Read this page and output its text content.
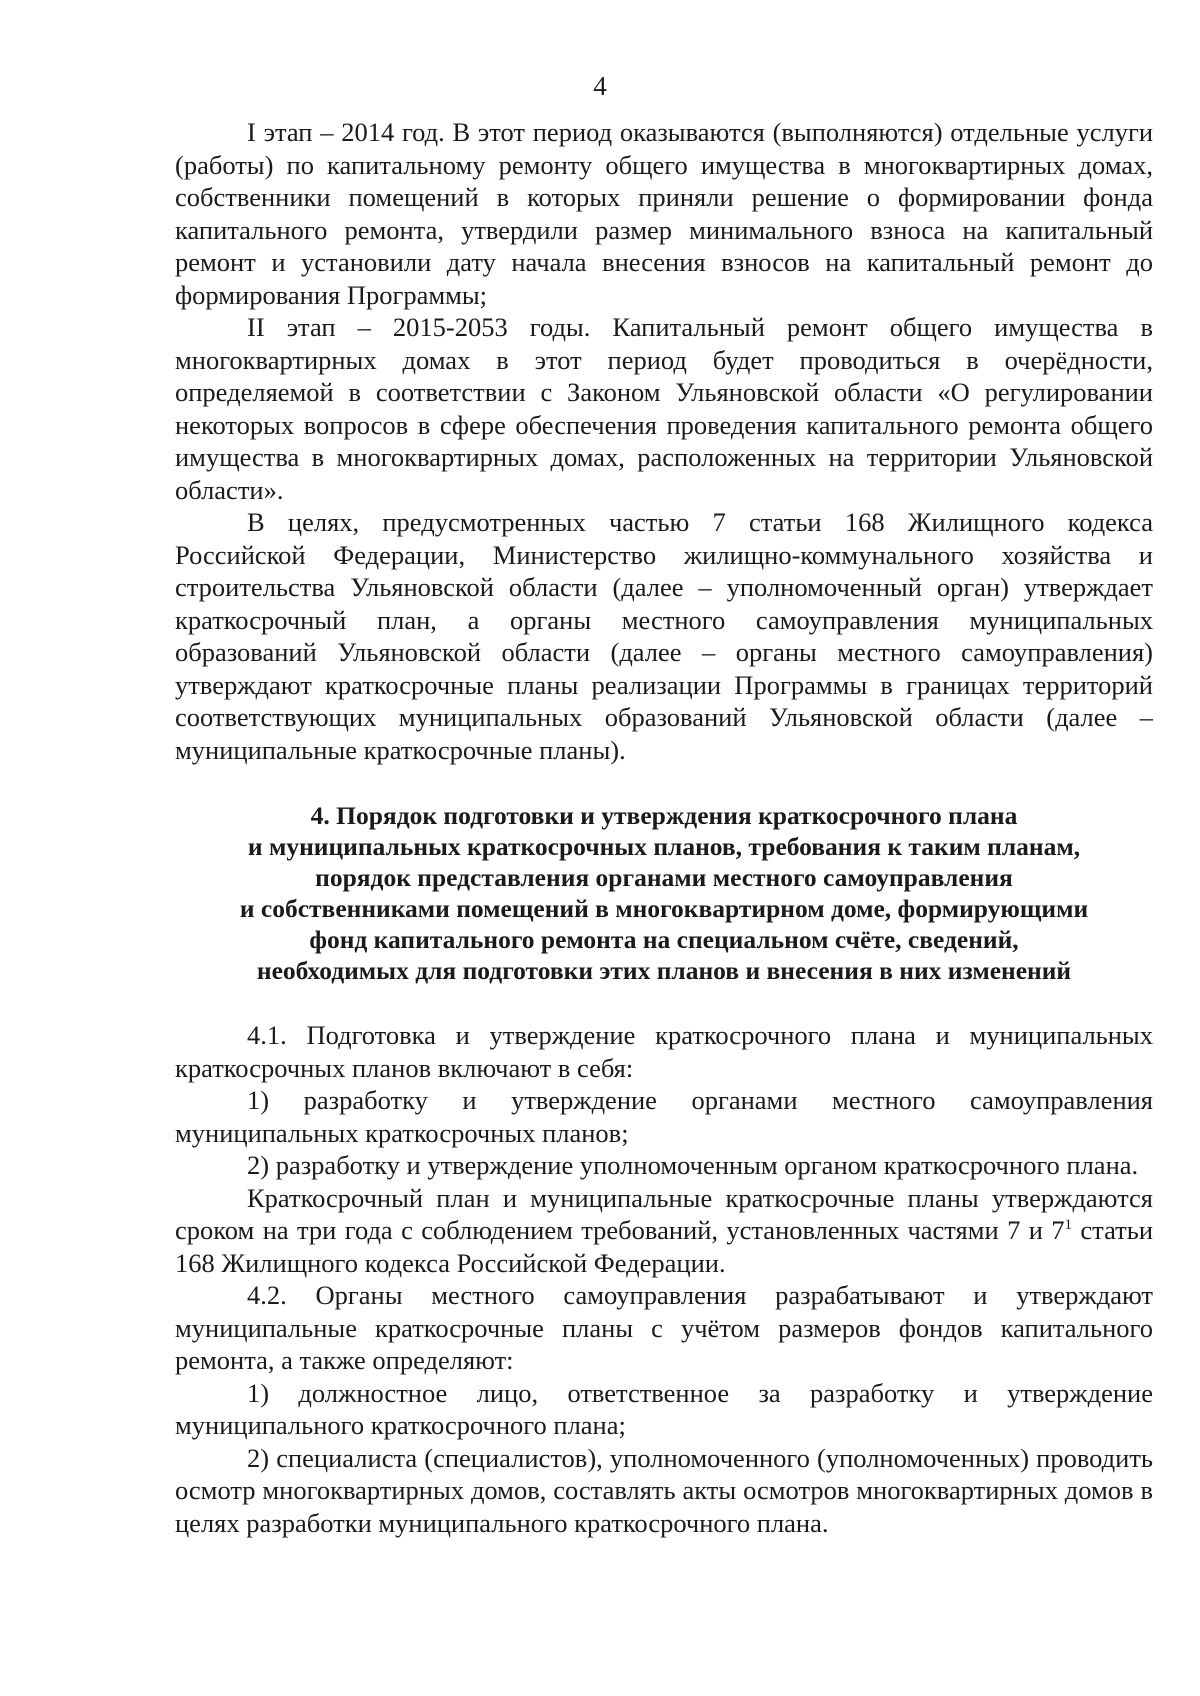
4

I этап – 2014 год. В этот период оказываются (выполняются) отдельные услуги (работы) по капитальному ремонту общего имущества в многоквартирных домах, собственники помещений в которых приняли решение о формировании фонда капитального ремонта, утвердили размер минимального взноса на капитальный ремонт и установили дату начала внесения взносов на капитальный ремонт до формирования Программы;

II этап – 2015-2053 годы. Капитальный ремонт общего имущества в многоквартирных домах в этот период будет проводиться в очерёдности, определяемой в соответствии с Законом Ульяновской области «О регулировании некоторых вопросов в сфере обеспечения проведения капитального ремонта общего имущества в многоквартирных домах, расположенных на территории Ульяновской области».

В целях, предусмотренных частью 7 статьи 168 Жилищного кодекса Российской Федерации, Министерство жилищно-коммунального хозяйства и строительства Ульяновской области (далее – уполномоченный орган) утверждает краткосрочный план, а органы местного самоуправления муниципальных образований Ульяновской области (далее – органы местного самоуправления) утверждают краткосрочные планы реализации Программы в границах территорий соответствующих муниципальных образований Ульяновской области (далее – муниципальные краткосрочные планы).

4. Порядок подготовки и утверждения краткосрочного плана
и муниципальных краткосрочных планов, требования к таким планам,
порядок представления органами местного самоуправления
и собственниками помещений в многоквартирном доме, формирующими
фонд капитального ремонта на специальном счёте, сведений,
необходимых для подготовки этих планов и внесения в них изменений

4.1. Подготовка и утверждение краткосрочного плана и муниципальных краткосрочных планов включают в себя:

1) разработку и утверждение органами местного самоуправления муниципальных краткосрочных планов;

2) разработку и утверждение уполномоченным органом краткосрочного плана.

Краткосрочный план и муниципальные краткосрочные планы утверждаются сроком на три года с соблюдением требований, установленных частями 7 и $7^1$ статьи 168 Жилищного кодекса Российской Федерации.

4.2. Органы местного самоуправления разрабатывают и утверждают муниципальные краткосрочные планы с учётом размеров фондов капитального ремонта, а также определяют:

1) должностное лицо, ответственное за разработку и утверждение муниципального краткосрочного плана;

2) специалиста (специалистов), уполномоченного (уполномоченных) проводить осмотр многоквартирных домов, составлять акты осмотров многоквартирных домов в целях разработки муниципального краткосрочного плана.
